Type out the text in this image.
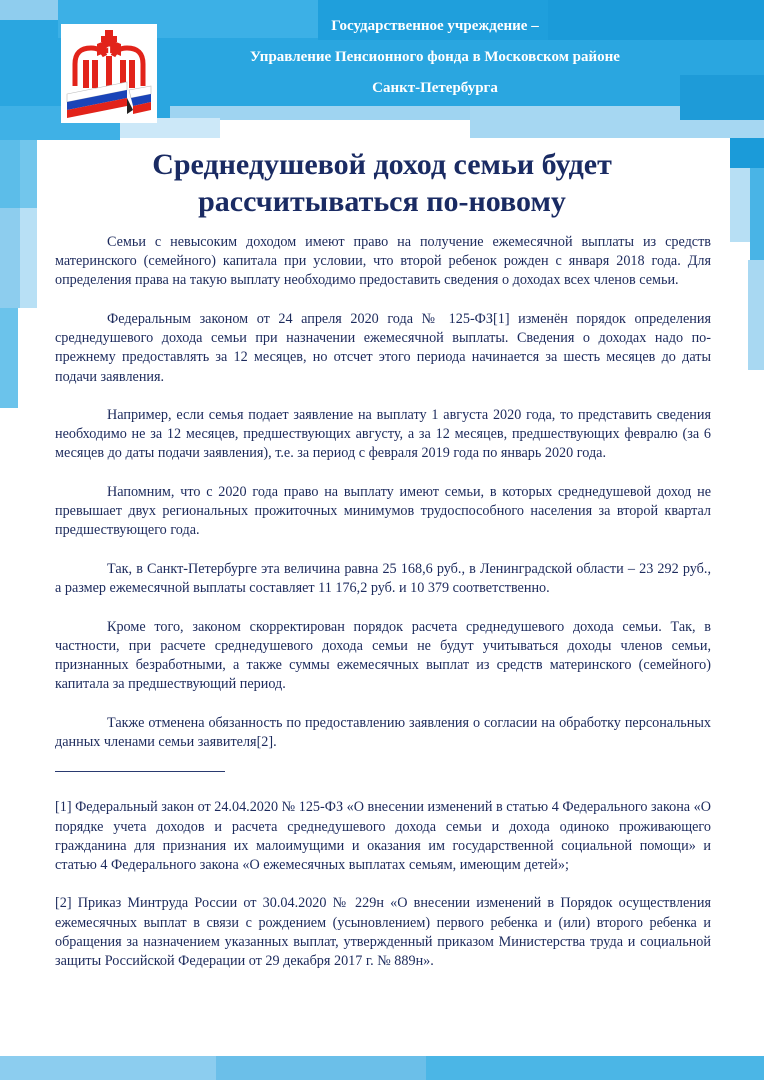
1
Государственное учреждение –
Управление Пенсионного фонда в Московском районе
Санкт-Петербурга
Среднедушевой доход семьи будет
рассчитываться по-новому

Семьи с невысоким доходом имеют право на получение ежемесячной выплаты из средств материнского (семейного) капитала при условии, что второй ребенок рожден с января 2018 года. Для определения права на такую выплату необходимо предоставить сведения о доходах всех членов семьи.

Федеральным законом от 24 апреля 2020 года № 125-ФЗ[1] изменён порядок определения среднедушевого дохода семьи при назначении ежемесячной выплаты. Сведения о доходах надо по-прежнему предоставлять за 12 месяцев, но отсчет этого периода начинается за шесть месяцев до даты подачи заявления.

Например, если семья подает заявление на выплату 1 августа 2020 года, то представить сведения необходимо не за 12 месяцев, предшествующих августу, а за 12 месяцев, предшествующих февралю (за 6 месяцев до даты подачи заявления), т.е. за период с февраля 2019 года по январь 2020 года.

Напомним, что с 2020 года право на выплату имеют семьи, в которых среднедушевой доход не превышает двух региональных прожиточных минимумов трудоспособного населения за второй квартал предшествующего года.

Так, в Санкт-Петербурге эта величина равна 25 168,6 руб., в Ленинградской области – 23 292 руб., а размер ежемесячной выплаты составляет 11 176,2 руб. и 10 379 соответственно.

Кроме того, законом скорректирован порядок расчета среднедушевого дохода семьи. Так, в частности, при расчете среднедушевого дохода семьи не будут учитываться доходы членов семьи, признанных безработными, а также суммы ежемесячных выплат из средств материнского (семейного) капитала за предшествующий период.

Также отменена обязанность по предоставлению заявления о согласии на обработку персональных данных членами семьи заявителя[2].

[1] Федеральный закон от 24.04.2020 № 125-ФЗ «О внесении изменений в статью 4 Федерального закона «О порядке учета доходов и расчета среднедушевого дохода семьи и дохода одиноко проживающего гражданина для признания их малоимущими и оказания им государственной социальной помощи» и статью 4 Федерального закона «О ежемесячных выплатах семьям, имеющим детей»;

[2] Приказ Минтруда России от 30.04.2020 № 229н «О внесении изменений в Порядок осуществления ежемесячных выплат в связи с рождением (усыновлением) первого ребенка и (или) второго ребенка и обращения за назначением указанных выплат, утвержденный приказом Министерства труда и социальной защиты Российской Федерации от 29 декабря 2017 г. № 889н».
